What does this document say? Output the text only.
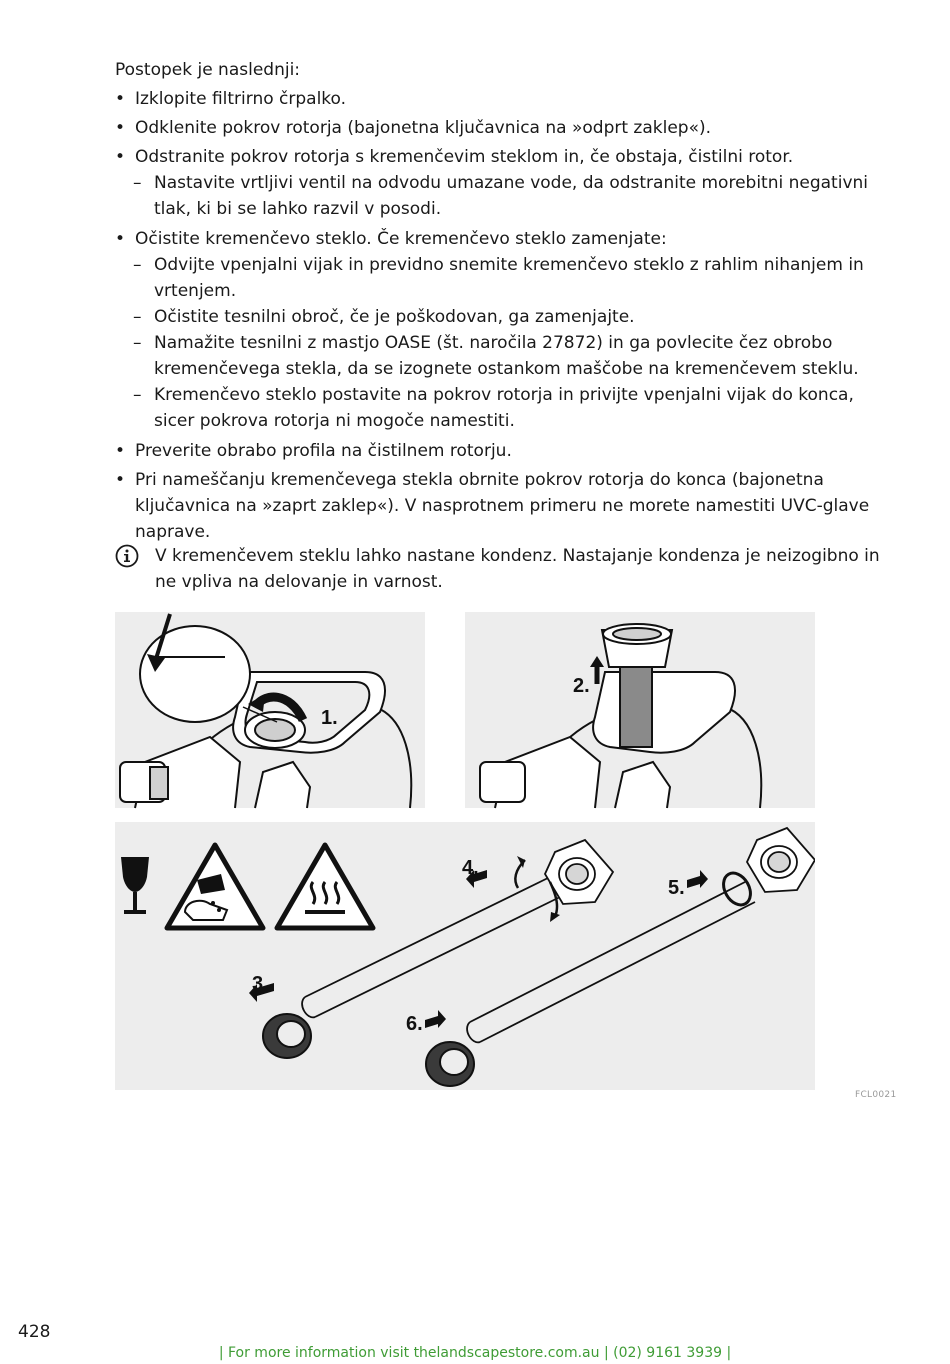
Postopek je naslednji:
• Izklopite filtrirno črpalko.
• Odklenite pokrov rotorja (bajonetna ključavnica na »odprt zaklep«).
• Odstranite pokrov rotorja s kremenčevim steklom in, če obstaja, čistilni rotor.
– Nastavite vrtljivi ventil na odvodu umazane vode, da odstranite morebitni negativni tlak, ki bi se lahko razvil v posodi.
• Očistite kremenčevo steklo. Če kremenčevo steklo zamenjate:
– Odvijte vpenjalni vijak in previdno snemite kremenčevo steklo z rahlim nihanjem in vrtenjem.
– Očistite tesnilni obroč, če je poškodovan, ga zamenjajte.
– Namažite tesnilni z mastjo OASE (št. naročila 27872) in ga povlecite čez obrobo kremenčevega stekla, da se izognete ostankom maščobe na kremenčevem steklu.
– Kremenčevo steklo postavite na pokrov rotorja in privijte vpenjalni vijak do konca, sicer pokrova rotorja ni mogoče namestiti.
• Preverite obrabo profila na čistilnem rotorju.
• Pri nameščanju kremenčevega stekla obrnite pokrov rotorja do konca (bajonetna ključavnica na »zaprt zaklep«). V nasprotnem primeru ne morete namestiti UVC-glave naprave.
V kremenčevem steklu lahko nastane kondenz. Nastajanje kondenza je neizogibno in ne vpliva na delovanje in varnost.
1.
2.
3.
4.
5.
6.
FCL0021
428
| For more information visit thelandscapestore.com.au | (02) 9161 3939 |
